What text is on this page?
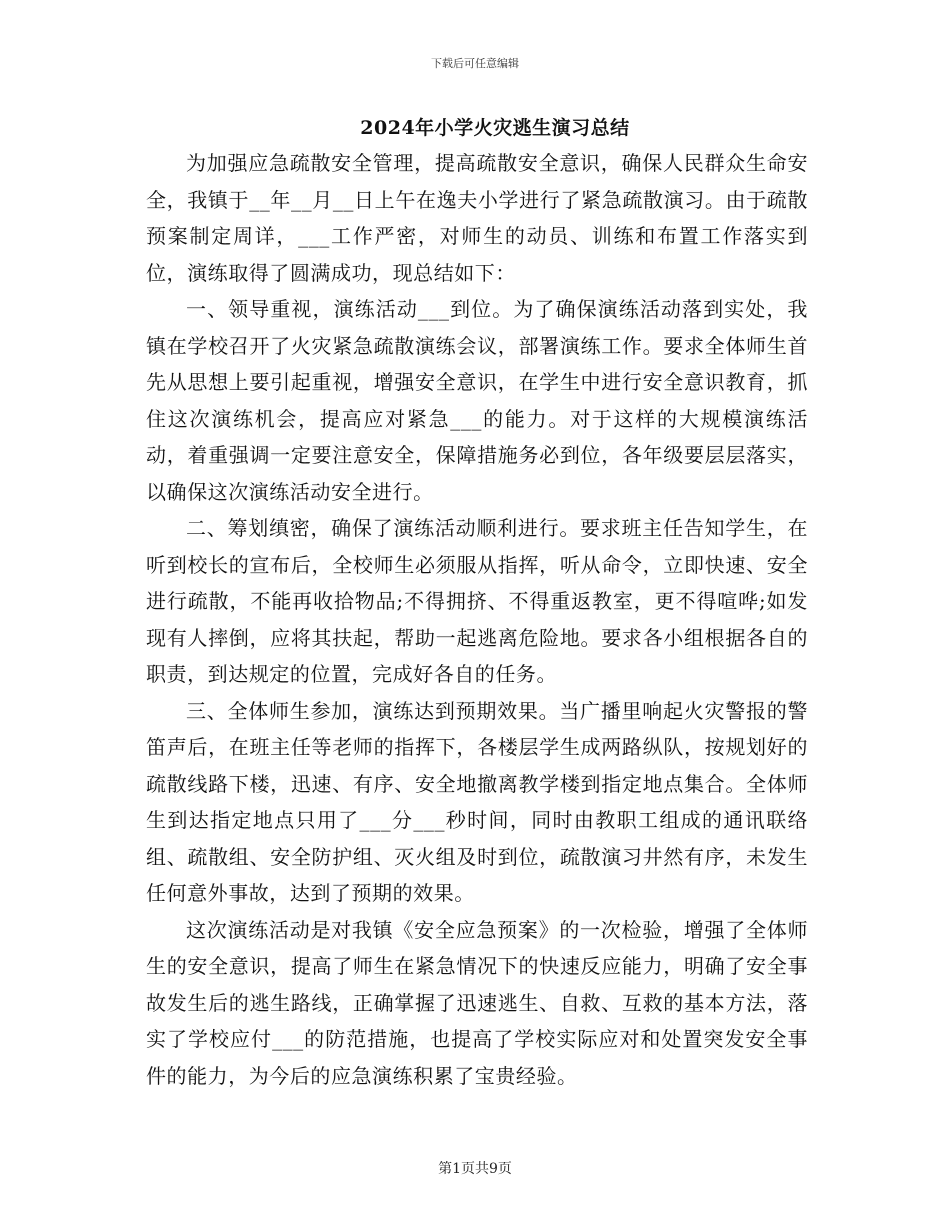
下载后可任意编辑
2024年小学火灾逃生演习总结

为加强应急疏散安全管理，提高疏散安全意识，确保人民群众生命安全，我镇于__年__月__日上午在逸夫小学进行了紧急疏散演习。由于疏散预案制定周详，___工作严密，对师生的动员、训练和布置工作落实到位，演练取得了圆满成功，现总结如下：

一、领导重视，演练活动___到位。为了确保演练活动落到实处，我镇在学校召开了火灾紧急疏散演练会议，部署演练工作。要求全体师生首先从思想上要引起重视，增强安全意识，在学生中进行安全意识教育，抓住这次演练机会，提高应对紧急___的能力。对于这样的大规模演练活动，着重强调一定要注意安全，保障措施务必到位，各年级要层层落实，以确保这次演练活动安全进行。

二、筹划缜密，确保了演练活动顺利进行。要求班主任告知学生，在听到校长的宣布后，全校师生必须服从指挥，听从命令，立即快速、安全进行疏散，不能再收拾物品;不得拥挤、不得重返教室，更不得喧哗;如发现有人摔倒，应将其扶起，帮助一起逃离危险地。要求各小组根据各自的职责，到达规定的位置，完成好各自的任务。

三、全体师生参加，演练达到预期效果。当广播里响起火灾警报的警笛声后，在班主任等老师的指挥下，各楼层学生成两路纵队，按规划好的疏散线路下楼，迅速、有序、安全地撤离教学楼到指定地点集合。全体师生到达指定地点只用了___分___秒时间，同时由教职工组成的通讯联络组、疏散组、安全防护组、灭火组及时到位，疏散演习井然有序，未发生任何意外事故，达到了预期的效果。

这次演练活动是对我镇《安全应急预案》的一次检验，增强了全体师生的安全意识，提高了师生在紧急情况下的快速反应能力，明确了安全事故发生后的逃生路线，正确掌握了迅速逃生、自救、互救的基本方法，落实了学校应付___的防范措施，也提高了学校实际应对和处置突发安全事件的能力，为今后的应急演练积累了宝贵经验。

第1页共9页
